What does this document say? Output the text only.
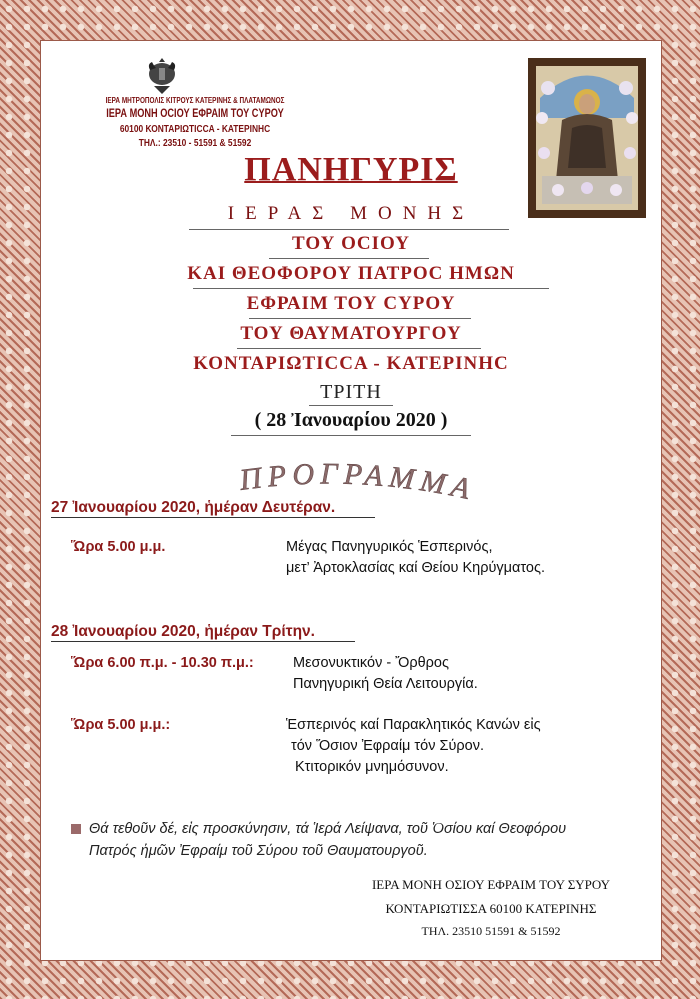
ΙΕΡΑ ΜΗΤΡΟΠΟΛΙΣ ΚΙΤΡΟΥΣ ΚΑΤΕΡΙΝΗΣ & ΠΛΑΤΑΜΩΝΟΣ
ΙΕΡΑ ΜΟΝΗ ΟCΙΟΥ ΕΦΡΑΙΜ ΤΟΥ CΥΡΟΥ
60100 ΚΟΝΤΑΡΙΩΤΙCCA - ΚΑΤΕΡΙΝΗC
ΤΗΛ.: 23510 - 51591 & 51592
ΠΑΝΗΓΥΡΙΣ
ΙΕΡΑΣ ΜΟΝΗΣ
ΤΟΥ ΟCΙΟΥ
ΚΑΙ ΘΕΟΦΟΡΟΥ ΠΑΤΡΟC ΗΜΩΝ
ΕΦΡΑΙΜ ΤΟΥ CΥΡΟΥ
ΤΟΥ ΘΑΥΜΑΤΟΥΡΓΟΥ
ΚΟΝΤΑΡΙΩΤΙCCA - ΚΑΤΕΡΙΝΗC
ΤΡΙΤΗ
( 28 Ἰανουαρίου 2020 )
ΠΡΟΓΡΑΜΜ
27 Ἰανουαρίου 2020, ἡμέραν Δευτέραν.
Ὥρα 5.00 μ.μ.	Μέγας Πανηγυρικός Ἑσπερινός,
μετ’ Ἀρτοκλασίας καί Θείου Κηρύγματος.
28 Ἰανουαρίου 2020, ἡμέραν Τρίτην.
Ὥρα 6.00 π.μ. - 10.30 π.μ.:	Μεσονυκτικόν - Ὄρθρος
Πανηγυρική Θεία Λειτουργία.
Ὥρα 5.00 μ.μ.:	Ἑσπερινός καί Παρακλητικός Κανών εἰς
τόν Ὅσιον Ἐφραίμ τόν Σύρον.
Κτιτορικόν μνημόσυνον.
Θά τεθοῦν δέ, εἰς προσκύνησιν, τά Ἱερά Λείψανα, τοῦ Ὁσίου καί Θεοφόρου
Πατρός ἡμῶν Ἐφραίμ τοῦ Σύρου τοῦ Θαυματουργοῦ.
ΙΕΡΑ ΜΟΝΗ ΟΣΙΟΥ ΕΦΡΑΙΜ ΤΟΥ ΣΥΡΟΥ
ΚΟΝΤΑΡΙΩΤΙΣΣΑ 60100 ΚΑΤΕΡΙΝΗΣ
ΤΗΛ. 23510 51591 & 51592
